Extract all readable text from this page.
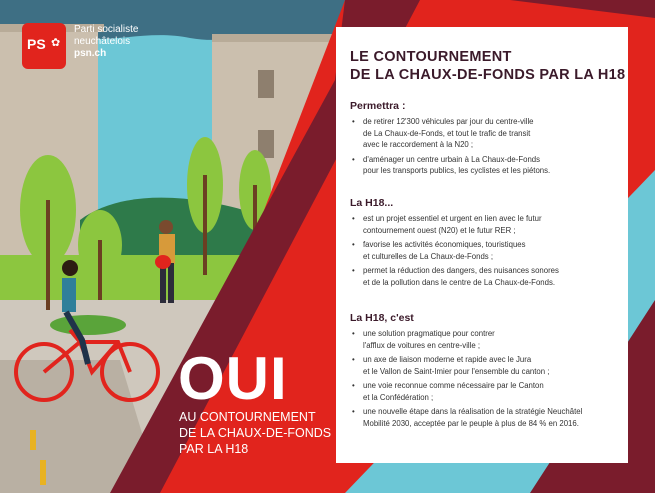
PS ✿
Parti socialiste
neuchâtelois
psn.ch
OUI
AU CONTOURNEMENT
DE LA CHAUX-DE-FONDS
PAR LA H18
LE CONTOURNEMENT
DE LA CHAUX-DE-FONDS PAR LA H18
Permettra :
• de retirer 12'300 véhicules par jour du centre-ville
de La Chaux-de-Fonds, et tout le trafic de transit
avec le raccordement à la N20 ;
• d'aménager un centre urbain à La Chaux-de-Fonds
pour les transports publics, les cyclistes et les piétons.
La H18...
• est un projet essentiel et urgent en lien avec le futur
contournement ouest (N20) et le futur RER ;
• favorise les activités économiques, touristiques
et culturelles de La Chaux-de-Fonds ;
• permet la réduction des dangers, des nuisances sonores
et de la pollution dans le centre de La Chaux-de-Fonds.
La H18, c'est
• une solution pragmatique pour contrer
l'afflux de voitures en centre-ville ;
• un axe de liaison moderne et rapide avec le Jura
et le Vallon de Saint-Imier pour l'ensemble du canton ;
• une voie reconnue comme nécessaire par le Canton
et la Confédération ;
• une nouvelle étape dans la réalisation de la stratégie Neuchâtel
Mobilité 2030, acceptée par le peuple à plus de 84 % en 2016.
